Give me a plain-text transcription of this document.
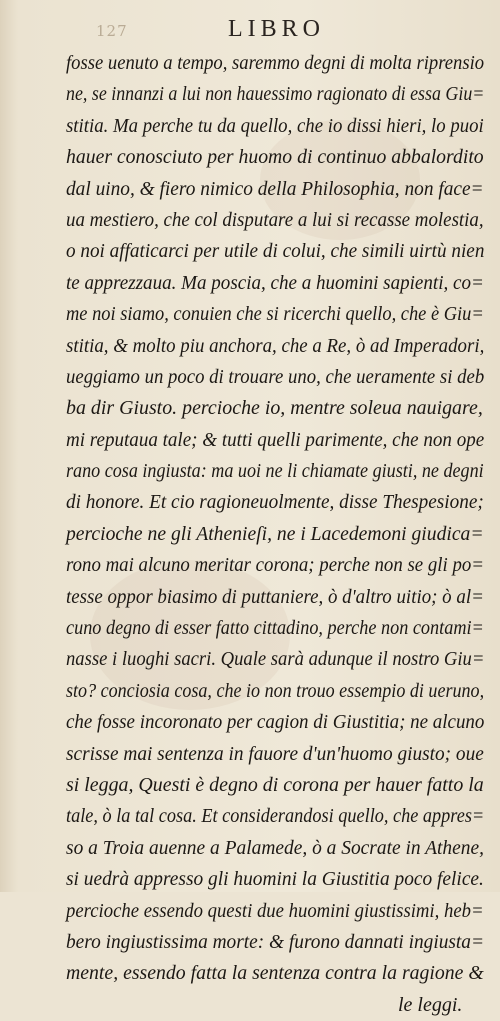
127	LIBRO
fosse uenuto a tempo, saremmo degni di molta riprensio
ne, se innanzi a lui non hauessimo ragionato di essa Giu=
stitia. Ma perche tu da quello, che io dissi hieri, lo puoi
hauer conosciuto per huomo di continuo abbalordito
dal uino, & fiero nimico della Philosophia, non face=
ua mestiero, che col disputare a lui si recasse molestia,
o noi affaticarci per utile di colui, che simili uirtù nien
te apprezzaua. Ma poscia, che a huomini sapienti, co=
me noi siamo, conuien che si ricerchi quello, che è Giu=
stitia, & molto piu anchora, che a Re, ò ad Imperadori,
ueggiamo un poco di trouare uno, che ueramente si deb
ba dir Giusto. percioche io, mentre soleua nauigare,
mi reputaua tale; & tutti quelli parimente, che non ope
rano cosa ingiusta: ma uoi ne li chiamate giusti, ne degni
di honore. Et cio ragioneuolmente, disse Thespesione;
percioche ne gli Athenieſi, ne i Lacedemoni giudica=
rono mai alcuno meritar corona; perche non se gli po=
tesse oppor biasimo di puttaniere, ò d'altro uitio; ò al=
cuno degno di esser fatto cittadino, perche non contami=
nasse i luoghi sacri. Quale sarà adunque il nostro Giu=
sto? conciosia cosa, che io non trouo essempio di ueruno,
che fosse incoronato per cagion di Giustitia; ne alcuno
scrisse mai sentenza in fauore d'un'huomo giusto; oue
si legga, Questi è degno di corona per hauer fatto la
tale, ò la tal cosa. Et considerandosi quello, che appres=
so a Troia auenne a Palamede, ò a Socrate in Athene,
si uedrà appresso gli huomini la Giustitia poco felice.
percioche essendo questi due huomini giustissimi, heb=
bero ingiustissima morte: & furono dannati ingiusta=
mente, essendo fatta la sentenza contra la ragione &
le leggi.
